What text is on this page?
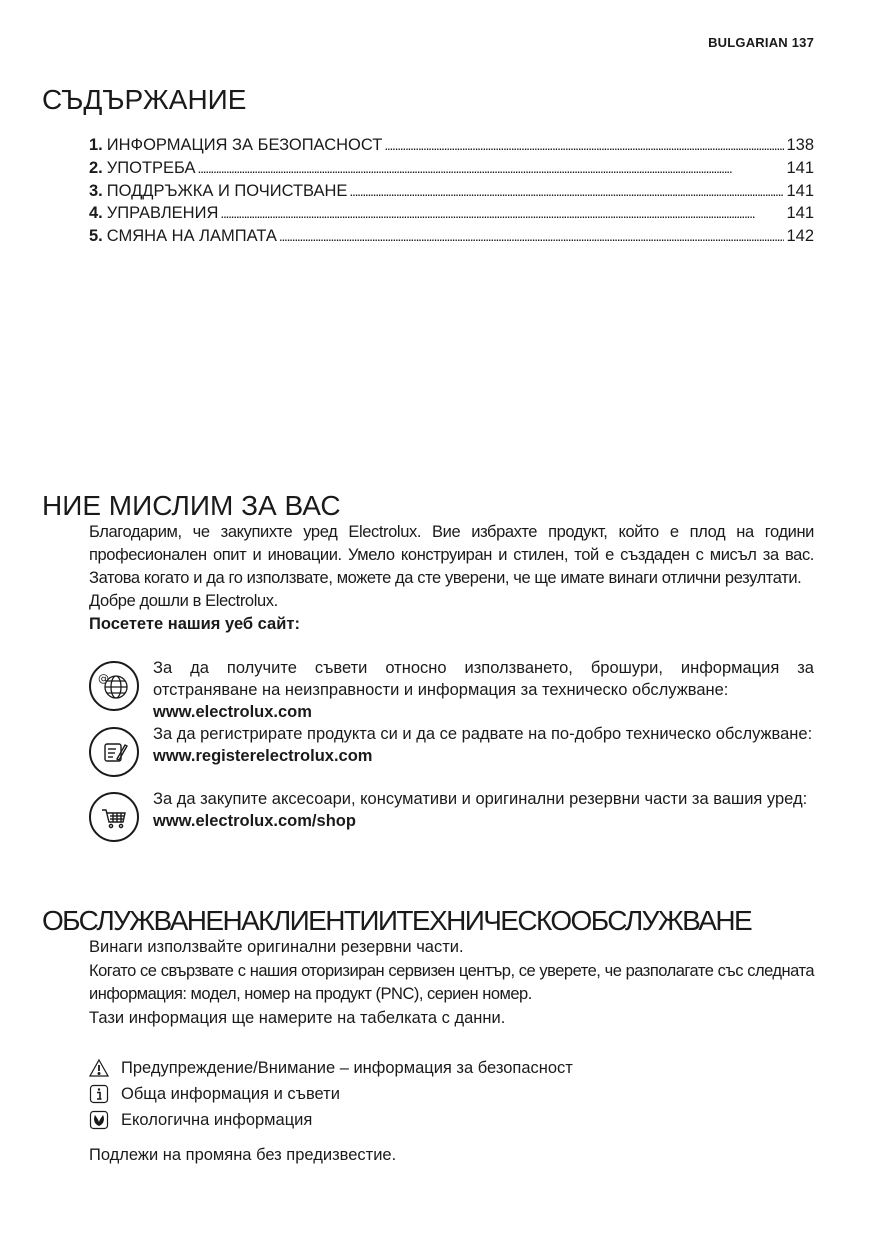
BULGARIAN 137
СЪДЪРЖАНИЕ
1. ИНФОРМАЦИЯ ЗА БЕЗОПАСНОСТ . . .	138
2. УПОТРЕБА . . .	141
3. ПОДДРЪЖКА И ПОЧИСТВАНЕ . . .	141
4. УПРАВЛЕНИЯ . . .	141
5. СМЯНА НА ЛАМПАТА . . .	142
НИЕ МИСЛИМ ЗА ВАС

Благодарим, че закупихте уред Electrolux. Вие избрахте продукт, който е плод на години професионален опит и иновации. Умело конструиран и стилен, той е създаден с мисъл за вас. Затова когато и да го използвате, можете да сте уверени, че ще имате винаги отлични резултати.

Добре дошли в Electrolux.

Посетете нашия уеб сайт:

@
За да получите съвети относно използването, брошури, информация за отстраняване на неизправности и информация за техническо обслужване:
www.electrolux.com
За да регистрирате продукта си и да се радвате на по-добро техническо обслужване:
www.registerelectrolux.com
За да закупите аксесоари, консумативи и оригинални резервни части за вашия уред:
www.electrolux.com/shop
ОБСЛУЖВАНЕНАКЛИЕНТИИТЕХНИЧЕСКООБСЛУЖВАНЕ

Винаги използвайте оригинални резервни части.

Когато се свързвате с нашия оторизиран сервизен център, се уверете, че разполагате със следната информация: модел, номер на продукт (PNC), сериен номер.

Тази информация ще намерите на табелката с данни.

Предупреждение/Внимание – информация за безопасност
Обща информация и съвети
Екологична информация
Подлежи на промяна без предизвестие.
